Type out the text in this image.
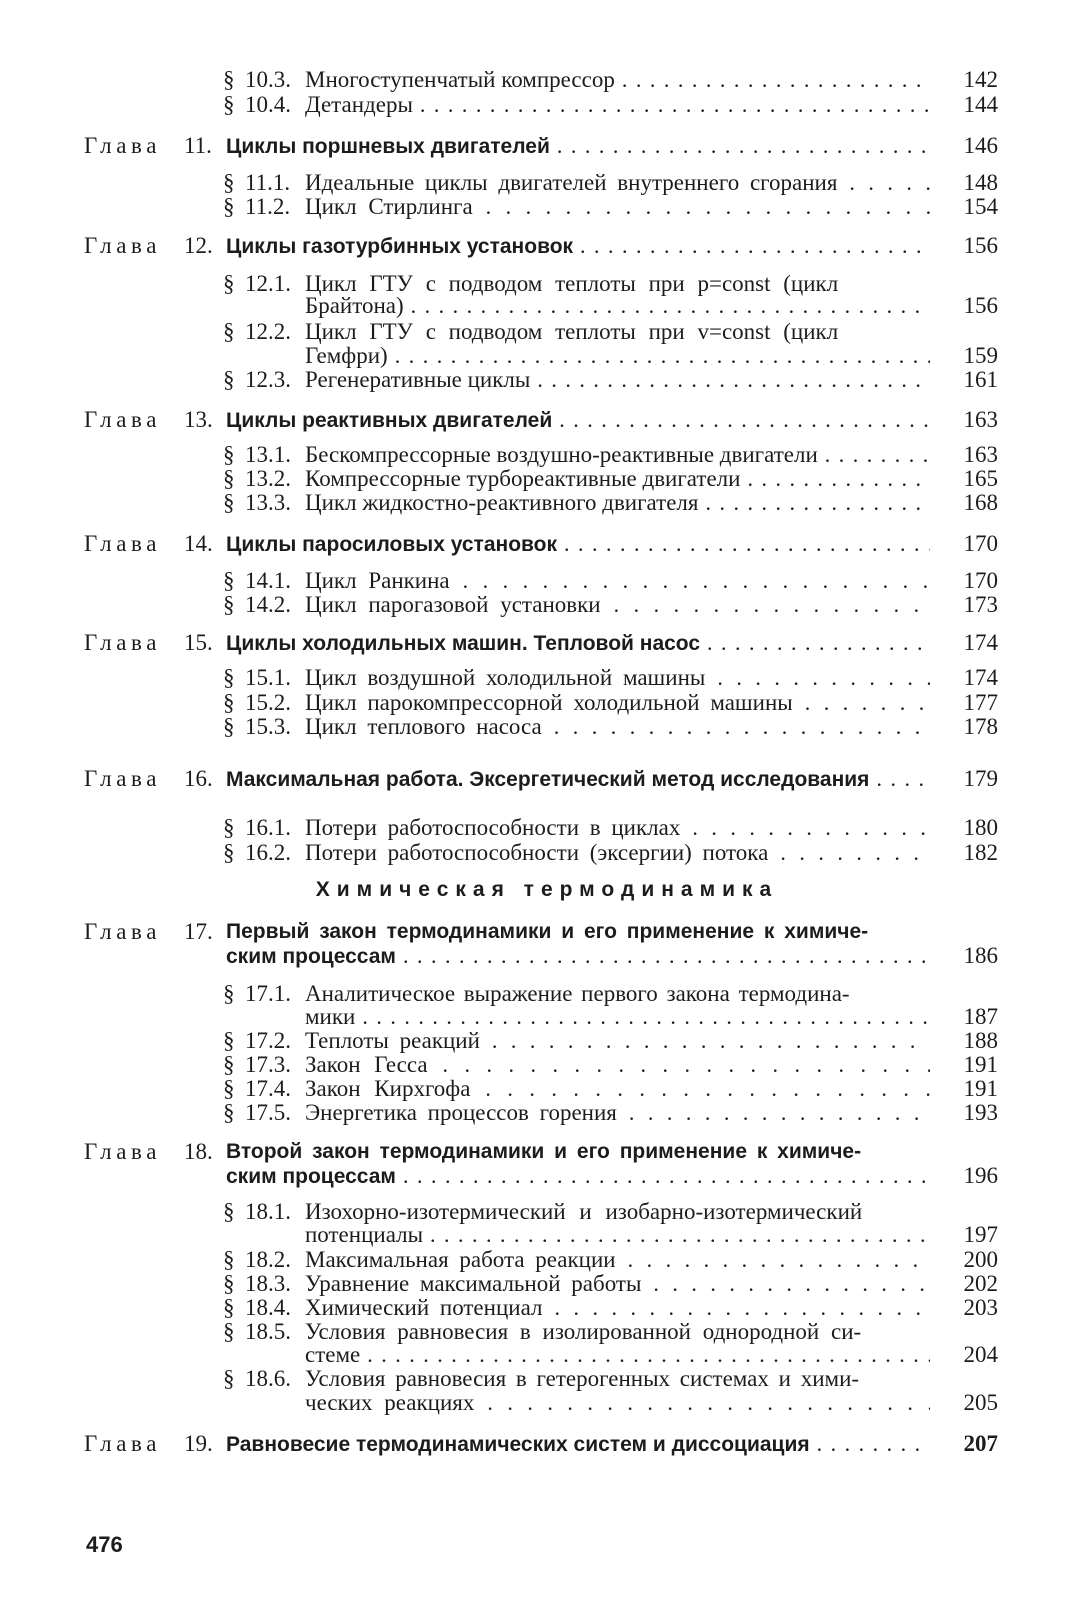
§ 10.3. Многоступенчатый компрессор . . .	142
§ 10.4. Детандеры . . .	144
Глава 11. Циклы поршневых двигателей . . .	146
§ 11.1. Идеальные циклы двигателей внутреннего сгорания . . .	148
§ 11.2. Цикл Стирлинга . . .	154
Глава 12. Циклы газотурбинных установок . . .	156
§ 12.1. Цикл ГТУ с подводом теплоты при p=const (цикл
Брайтона) . . .	156
§ 12.2. Цикл ГТУ с подводом теплоты при v=const (цикл
Гемфри) . . .	159
§ 12.3. Регенеративные циклы . . .	161
Глава 13. Циклы реактивных двигателей . . .	163
§ 13.1. Бескомпрессорные воздушно-реактивные двигатели . . .	163
§ 13.2. Компрессорные турбореактивные двигатели . . .	165
§ 13.3. Цикл жидкостно-реактивного двигателя . . .	168
Глава 14. Циклы паросиловых установок . . .	170
§ 14.1. Цикл Ранкина . . .	170
§ 14.2. Цикл парогазовой установки . . .	173
Глава 15. Циклы холодильных машин. Тепловой насос . . .	174
§ 15.1. Цикл воздушной холодильной машины . . .	174
§ 15.2. Цикл парокомпрессорной холодильной машины . . .	177
§ 15.3. Цикл теплового насоса . . .	178
Глава 16. Максимальная работа. Эксергетический метод исследования . . .	179
§ 16.1. Потери работоспособности в циклах . . .	180
§ 16.2. Потери работоспособности (эксергии) потока . . .	182
Химическая термодинамика
Глава 17. Первый закон термодинамики и его применение к химиче-
ским процессам . . .	186
§ 17.1. Аналитическое выражение первого закона термодина-
мики . . .	187
§ 17.2. Теплоты реакций . . .	188
§ 17.3. Закон Гесса . . .	191
§ 17.4. Закон Кирхгофа . . .	191
§ 17.5. Энергетика процессов горения . . .	193
Глава 18. Второй закон термодинамики и его применение к химиче-
ским процессам . . .	196
§ 18.1. Изохорно-изотермический и изобарно-изотермический
потенциалы . . .	197
§ 18.2. Максимальная работа реакции . . .	200
§ 18.3. Уравнение максимальной работы . . .	202
§ 18.4. Химический потенциал . . .	203
§ 18.5. Условия равновесия в изолированной однородной си-
стеме . . .	204
§ 18.6. Условия равновесия в гетерогенных системах и хими-
ческих реакциях . . .	205
Глава 19. Равновесие термодинамических систем и диссоциация . . .	207
476
